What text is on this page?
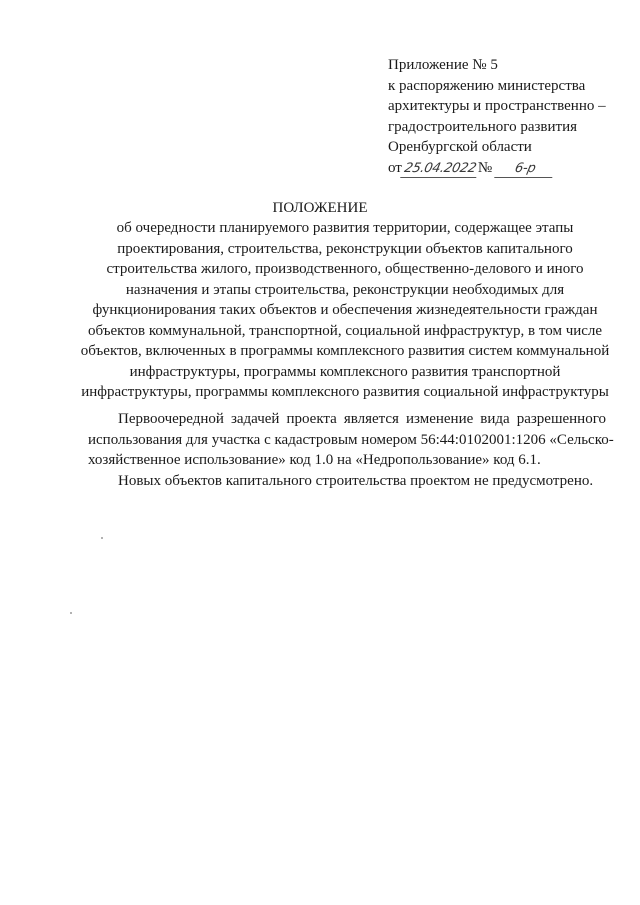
Приложение № 5
к распоряжению министерства
архитектуры и пространственно –
градостроительного развития
Оренбургской области
от25.04.2022№ 6-р
ПОЛОЖЕНИЕ
об очередности планируемого развития территории, содержащее этапы
проектирования, строительства, реконструкции объектов капитального
строительства жилого, производственного, общественно-делового и иного
назначения и этапы строительства, реконструкции необходимых для
функционирования таких объектов и обеспечения жизнедеятельности граждан
объектов коммунальной, транспортной, социальной инфраструктур, в том числе
объектов, включенных в программы комплексного развития систем коммунальной
инфраструктуры, программы комплексного развития транспортной
инфраструктуры, программы комплексного развития социальной инфраструктуры
Первоочередной задачей проекта является изменение вида разрешенного
использования для участка с кадастровым номером 56:44:0102001:1206 «Сельско-
хозяйственное использование» код 1.0 на «Недропользование» код 6.1.
Новых объектов капитального строительства проектом не предусмотрено.
